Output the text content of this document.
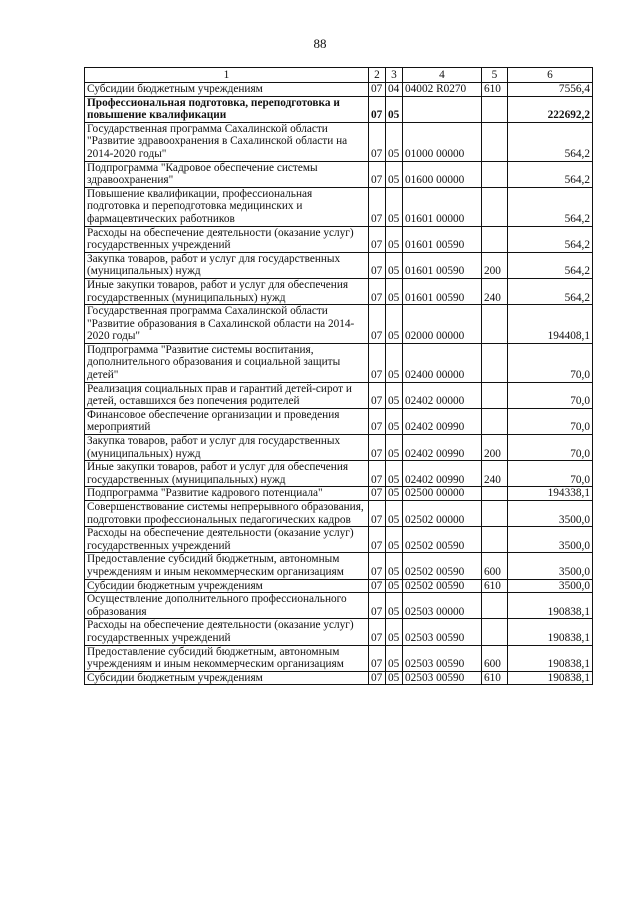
88
1	2	3	4	5	6
Субсидии бюджетным учреждениям	07	04	04002 R0270	610	7556,4
Профессиональная подготовка, переподготовка и повышение квалификации	07	05			222692,2
Государственная программа Сахалинской области "Развитие здравоохранения в Сахалинской области на 2014-2020 годы"	07	05	01000 00000		564,2
Подпрограмма "Кадровое обеспечение системы здравоохранения"	07	05	01600 00000		564,2
Повышение квалификации, профессиональная подготовка и переподготовка медицинских и фармацевтических работников	07	05	01601 00000		564,2
Расходы на обеспечение деятельности (оказание услуг) государственных учреждений	07	05	01601 00590		564,2
Закупка товаров, работ и услуг для государственных (муниципальных) нужд	07	05	01601 00590	200	564,2
Иные закупки товаров, работ и услуг для обеспечения государственных (муниципальных) нужд	07	05	01601 00590	240	564,2
Государственная программа Сахалинской области "Развитие образования в Сахалинской области на 2014-2020 годы"	07	05	02000 00000		194408,1
Подпрограмма "Развитие системы воспитания, дополнительного образования и социальной защиты детей"	07	05	02400 00000		70,0
Реализация социальных прав и гарантий детей-сирот и детей, оставшихся без попечения родителей	07	05	02402 00000		70,0
Финансовое обеспечение организации и проведения мероприятий	07	05	02402 00990		70,0
Закупка товаров, работ и услуг для государственных (муниципальных) нужд	07	05	02402 00990	200	70,0
Иные закупки товаров, работ и услуг для обеспечения государственных (муниципальных) нужд	07	05	02402 00990	240	70,0
Подпрограмма "Развитие кадрового потенциала"	07	05	02500 00000		194338,1
Совершенствование системы непрерывного образования, подготовки профессиональных педагогических кадров	07	05	02502 00000		3500,0
Расходы на обеспечение деятельности (оказание услуг) государственных учреждений	07	05	02502 00590		3500,0
Предоставление субсидий бюджетным, автономным учреждениям и иным некоммерческим организациям	07	05	02502 00590	600	3500,0
Субсидии бюджетным учреждениям	07	05	02502 00590	610	3500,0
Осуществление дополнительного профессионального образования	07	05	02503 00000		190838,1
Расходы на обеспечение деятельности (оказание услуг) государственных учреждений	07	05	02503 00590		190838,1
Предоставление субсидий бюджетным, автономным учреждениям и иным некоммерческим организациям	07	05	02503 00590	600	190838,1
Субсидии бюджетным учреждениям	07	05	02503 00590	610	190838,1
